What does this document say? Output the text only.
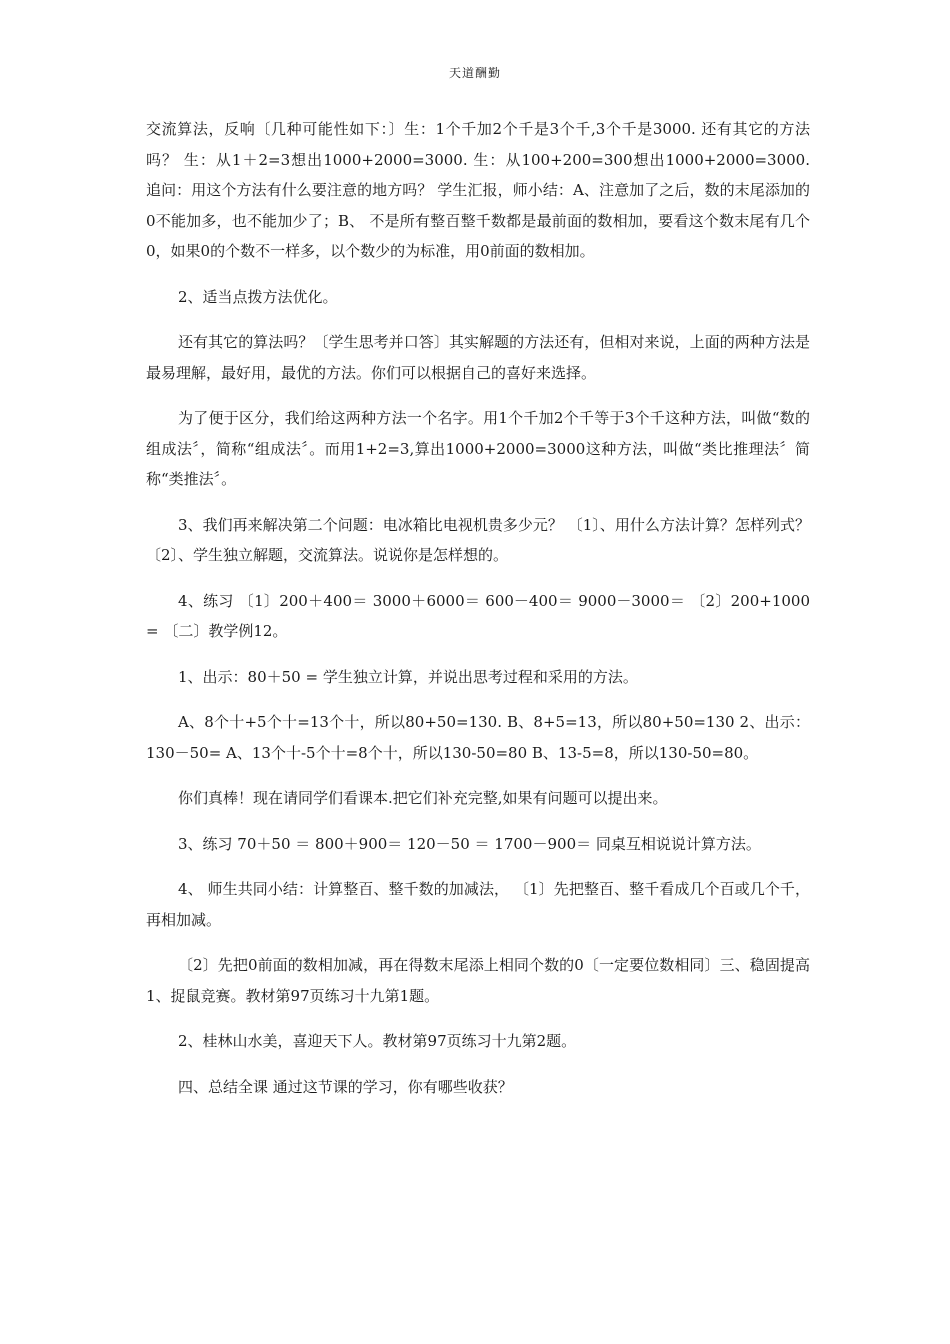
天道酬勤

交流算法，反响〔几种可能性如下：〕生：1个千加2个千是3个千,3个千是3000. 还有其它的方法吗？ 生：从1＋2=3想出1000+2000=3000. 生：从100+200=300想出1000+2000=3000. 追问：用这个方法有什么要注意的地方吗？ 学生汇报，师小结：A、注意加了之后，数的末尾添加的0不能加多，也不能加少了；B、 不是所有整百整千数都是最前面的数相加，要看这个数末尾有几个0，如果0的个数不一样多，以个数少的为标准，用0前面的数相加。

2、适当点拨方法优化。

还有其它的算法吗？〔学生思考并口答〕其实解题的方法还有，但相对来说，上面的两种方法是最易理解，最好用，最优的方法。你们可以根据自己的喜好来选择。

为了便于区分，我们给这两种方法一个名字。用1个千加2个千等于3个千这种方法，叫做“数的组成法〞，简称“组成法〞。而用1+2=3,算出1000+2000=3000这种方法，叫做“类比推理法〞简称“类推法〞。

3、我们再来解决第二个问题：电冰箱比电视机贵多少元？ 〔1〕、用什么方法计算？怎样列式？ 〔2〕、学生独立解题，交流算法。说说你是怎样想的。

4、练习 〔1〕200＋400＝ 3000＋6000＝ 600－400＝ 9000－3000＝ 〔2〕200+1000= 〔二〕教学例12。

1、出示：80＋50 = 学生独立计算，并说出思考过程和采用的方法。

A、8个十+5个十=13个十，所以80+50=130. B、8+5=13，所以80+50=130 2、出示：130－50= A、13个十-5个十=8个十，所以130-50=80 B、13-5=8，所以130-50=80。

你们真棒！现在请同学们看课本.把它们补充完整,如果有问题可以提出来。

3、练习 70＋50 ＝ 800＋900＝ 120－50 ＝ 1700－900＝ 同桌互相说说计算方法。

4、 师生共同小结：计算整百、整千数的加减法， 〔1〕先把整百、整千看成几个百或几个千，再相加减。

〔2〕先把0前面的数相加减，再在得数末尾添上相同个数的0〔一定要位数相同〕三、稳固提高 1、捉鼠竞赛。教材第97页练习十九第1题。

2、桂林山水美，喜迎天下人。教材第97页练习十九第2题。

四、总结全课 通过这节课的学习，你有哪些收获？
